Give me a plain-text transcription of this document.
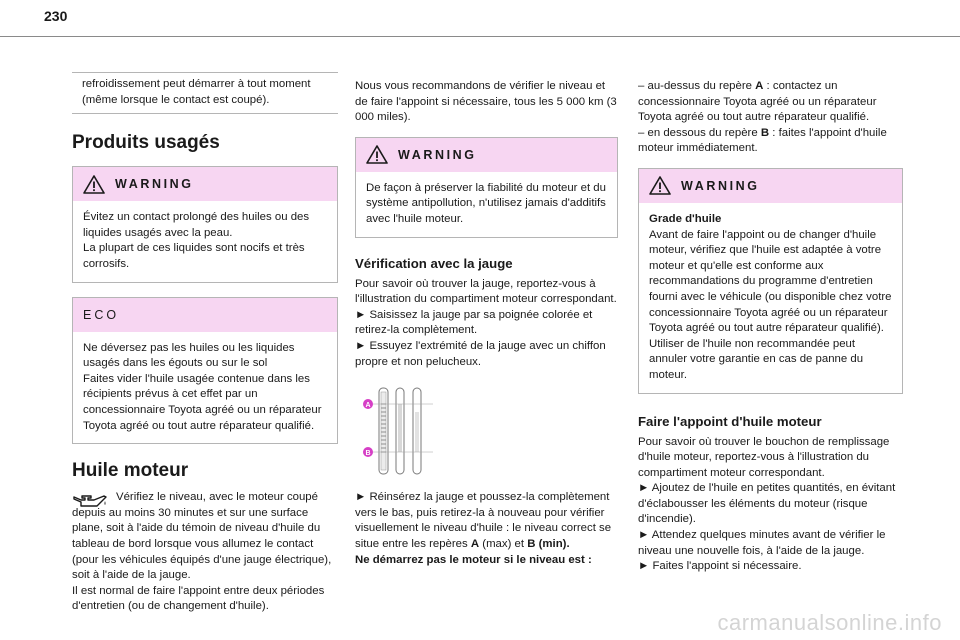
230

refroidissement peut démarrer à tout moment (même lorsque le contact est coupé).

Produits usagés
WARNING

Évitez un contact prolongé des huiles ou des liquides usagés avec la peau.

La plupart de ces liquides sont nocifs et très corrosifs.

ECO

Ne déversez pas les huiles ou les liquides usagés dans les égouts ou sur le sol

Faites vider l'huile usagée contenue dans les récipients prévus à cet effet par un concessionnaire Toyota agréé ou un réparateur Toyota agréé ou tout autre réparateur qualifié.

Huile moteur

Vérifiez le niveau, avec le moteur coupé depuis au moins 30 minutes et sur une surface plane, soit à l'aide du témoin de niveau d'huile du tableau de bord lorsque vous allumez le contact (pour les véhicules équipés d'une jauge électrique), soit à l'aide de la jauge.

Il est normal de faire l'appoint entre deux périodes d'entretien (ou de changement d'huile).

Nous vous recommandons de vérifier le niveau et de faire l'appoint si nécessaire, tous les 5 000 km (3 000 miles).

WARNING

De façon à préserver la fiabilité du moteur et du système antipollution, n'utilisez jamais d'additifs avec l'huile moteur.

Vérification avec la jauge

Pour savoir où trouver la jauge, reportez-vous à l'illustration du compartiment moteur correspondant.

► Saisissez la jauge par sa poignée colorée et retirez-la complètement.

► Essuyez l'extrémité de la jauge avec un chiffon propre et non pelucheux.

A
B

► Réinsérez la jauge et poussez-la complètement vers le bas, puis retirez-la à nouveau pour vérifier visuellement le niveau d'huile : le niveau correct se situe entre les repères A (max) et B (min).

Ne démarrez pas le moteur si le niveau est :

– au-dessus du repère A : contactez un concessionnaire Toyota agréé ou un réparateur Toyota agréé ou tout autre réparateur qualifié.

– en dessous du repère B : faites l'appoint d'huile moteur immédiatement.

WARNING

Grade d'huile

Avant de faire l'appoint ou de changer d'huile moteur, vérifiez que l'huile est adaptée à votre moteur et qu'elle est conforme aux recommandations du programme d'entretien fourni avec le véhicule (ou disponible chez votre concessionnaire Toyota agréé ou un réparateur Toyota agréé ou tout autre réparateur qualifié).

Utiliser de l'huile non recommandée peut annuler votre garantie en cas de panne du moteur.

Faire l'appoint d'huile moteur

Pour savoir où trouver le bouchon de remplissage d'huile moteur, reportez-vous à l'illustration du compartiment moteur correspondant.

► Ajoutez de l'huile en petites quantités, en évitant d'éclabousser les éléments du moteur (risque d'incendie).

► Attendez quelques minutes avant de vérifier le niveau une nouvelle fois, à l'aide de la jauge.

► Faites l'appoint si nécessaire.

carmanualsonline.info
